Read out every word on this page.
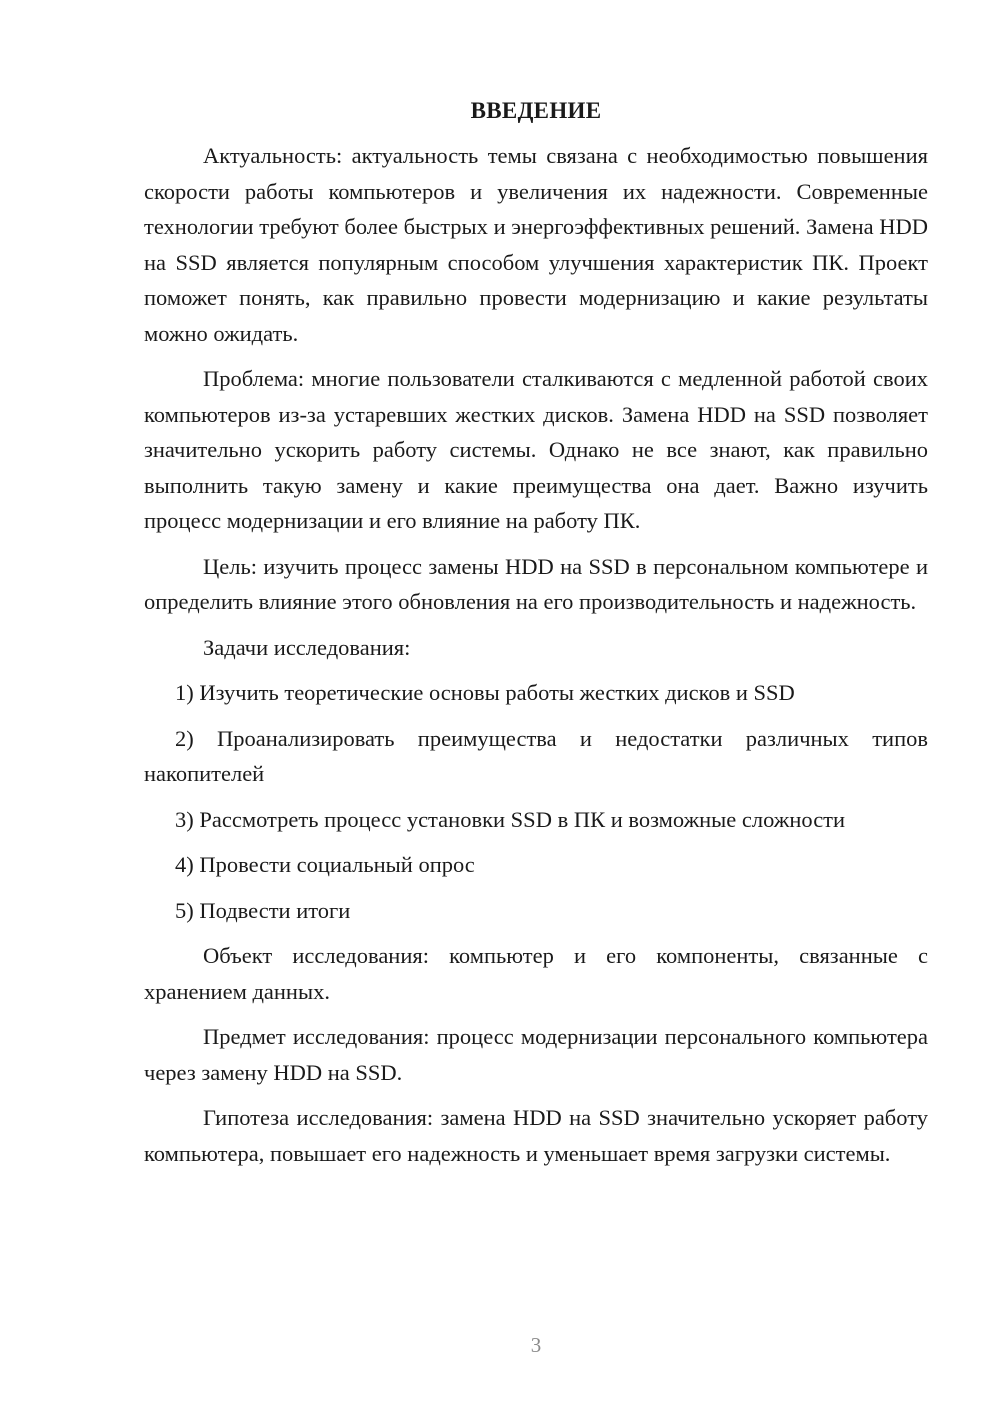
ВВЕДЕНИЕ

Актуальность: актуальность темы связана с необходимостью повышения скорости работы компьютеров и увеличения их надежности. Современные технологии требуют более быстрых и энергоэффективных решений. Замена HDD на SSD является популярным способом улучшения характеристик ПК. Проект поможет понять, как правильно провести модернизацию и какие результаты можно ожидать.

Проблема: многие пользователи сталкиваются с медленной работой своих компьютеров из-за устаревших жестких дисков. Замена HDD на SSD позволяет значительно ускорить работу системы. Однако не все знают, как правильно выполнить такую замену и какие преимущества она дает. Важно изучить процесс модернизации и его влияние на работу ПК.

Цель: изучить процесс замены HDD на SSD в персональном компьютере и определить влияние этого обновления на его производительность и надежность.

Задачи исследования:

1) Изучить теоретические основы работы жестких дисков и SSD

2) Проанализировать преимущества и недостатки различных типов накопителей

3) Рассмотреть процесс установки SSD в ПК и возможные сложности

4) Провести социальный опрос

5) Подвести итоги

Объект исследования: компьютер и его компоненты, связанные с хранением данных.

Предмет исследования: процесс модернизации персонального компьютера через замену HDD на SSD.

Гипотеза исследования: замена HDD на SSD значительно ускоряет работу компьютера, повышает его надежность и уменьшает время загрузки системы.

3
